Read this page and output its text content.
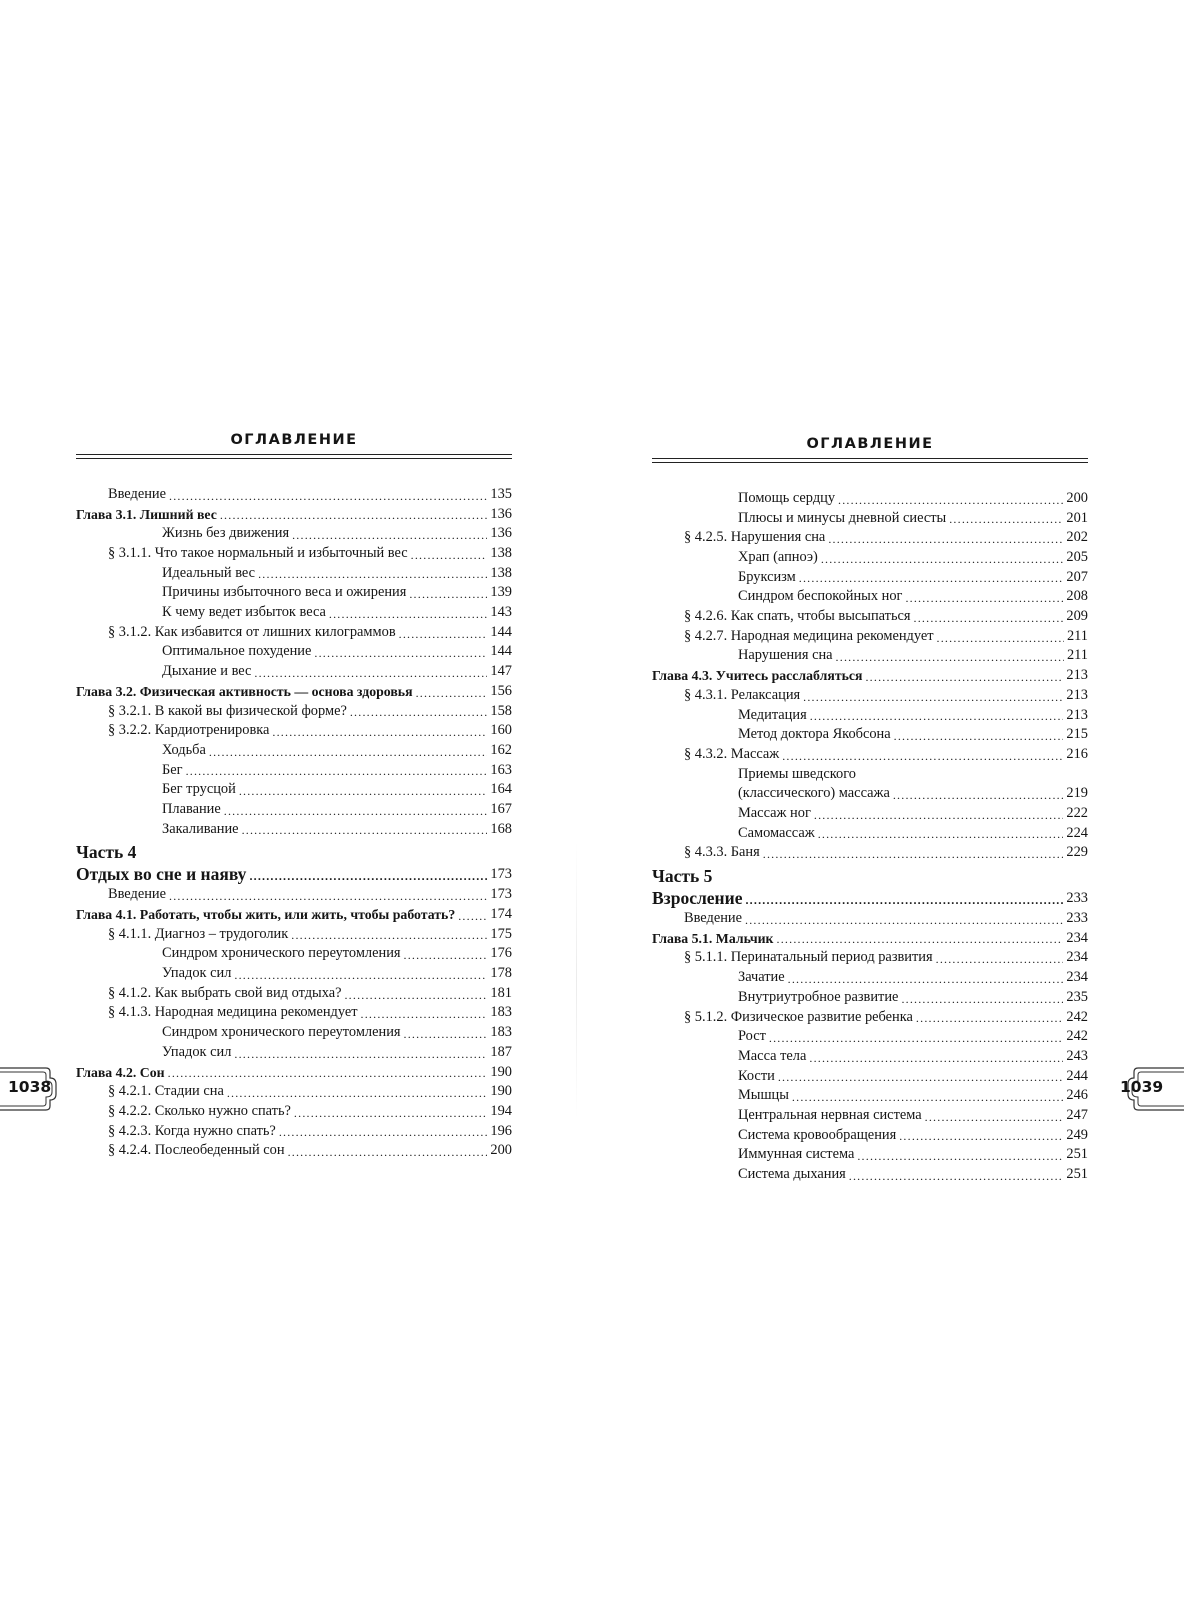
ОГЛАВЛЕНИЕ
Введение .....	135
Глава 3.1. Лишний вес .....	136
Жизнь без движения .....	136
§ 3.1.1. Что такое нормальный и избыточный вес .....	138
Идеальный вес .....	138
Причины избыточного веса и ожирения .....	139
К чему ведет избыток веса .....	143
§ 3.1.2. Как избавится от лишних килограммов .....	144
Оптимальное похудение .....	144
Дыхание и вес .....	147
Глава 3.2. Физическая активность — основа здоровья .....	156
§ 3.2.1. В какой вы физической форме? .....	158
§ 3.2.2. Кардиотренировка .....	160
Ходьба .....	162
Бег .....	163
Бег трусцой .....	164
Плавание .....	167
Закаливание .....	168
Часть 4
Отдых во сне и наяву .....	173
Введение .....	173
Глава 4.1. Работать, чтобы жить, или жить, чтобы работать? ..... 174
§ 4.1.1. Диагноз – трудоголик .....	175
Синдром хронического переутомления .....	176
Упадок сил .....	178
§ 4.1.2. Как выбрать свой вид отдыха? .....	181
§ 4.1.3. Народная медицина рекомендует .....	183
Синдром хронического переутомления .....	183
Упадок сил .....	187
Глава 4.2. Сон .....	190
§ 4.2.1. Стадии сна .....	190
§ 4.2.2. Сколько нужно спать? .....	194
§ 4.2.3. Когда нужно спать? .....	196
§ 4.2.4. Послеобеденный сон .....	200
ОГЛАВЛЕНИЕ
Помощь сердцу .....	200
Плюсы и минусы дневной сиесты .....	201
§ 4.2.5. Нарушения сна .....	202
Храп (апноэ) .....	205
Бруксизм .....	207
Синдром беспокойных ног .....	208
§ 4.2.6. Как спать, чтобы высыпаться .....	209
§ 4.2.7. Народная медицина рекомендует .....	211
Нарушения сна .....	211
Глава 4.3. Учитесь расслабляться .....	213
§ 4.3.1. Релаксация .....	213
Медитация .....	213
Метод доктора Якобсона .....	215
§ 4.3.2. Массаж .....	216
Приемы шведского
(классического) массажа .....	219
Массаж ног .....	222
Самомассаж .....	224
§ 4.3.3. Баня .....	229
Часть 5
Взросление .....	233
Введение .....	233
Глава 5.1. Мальчик .....	234
§ 5.1.1. Перинатальный период развития .....	234
Зачатие .....	234
Внутриутробное развитие .....	235
§ 5.1.2. Физическое развитие ребенка .....	242
Рост .....	242
Масса тела .....	243
Кости .....	244
Мышцы .....	246
Центральная нервная система .....	247
Система кровообращения .....	249
Иммунная система .....	251
Система дыхания .....	251
1038	1039
